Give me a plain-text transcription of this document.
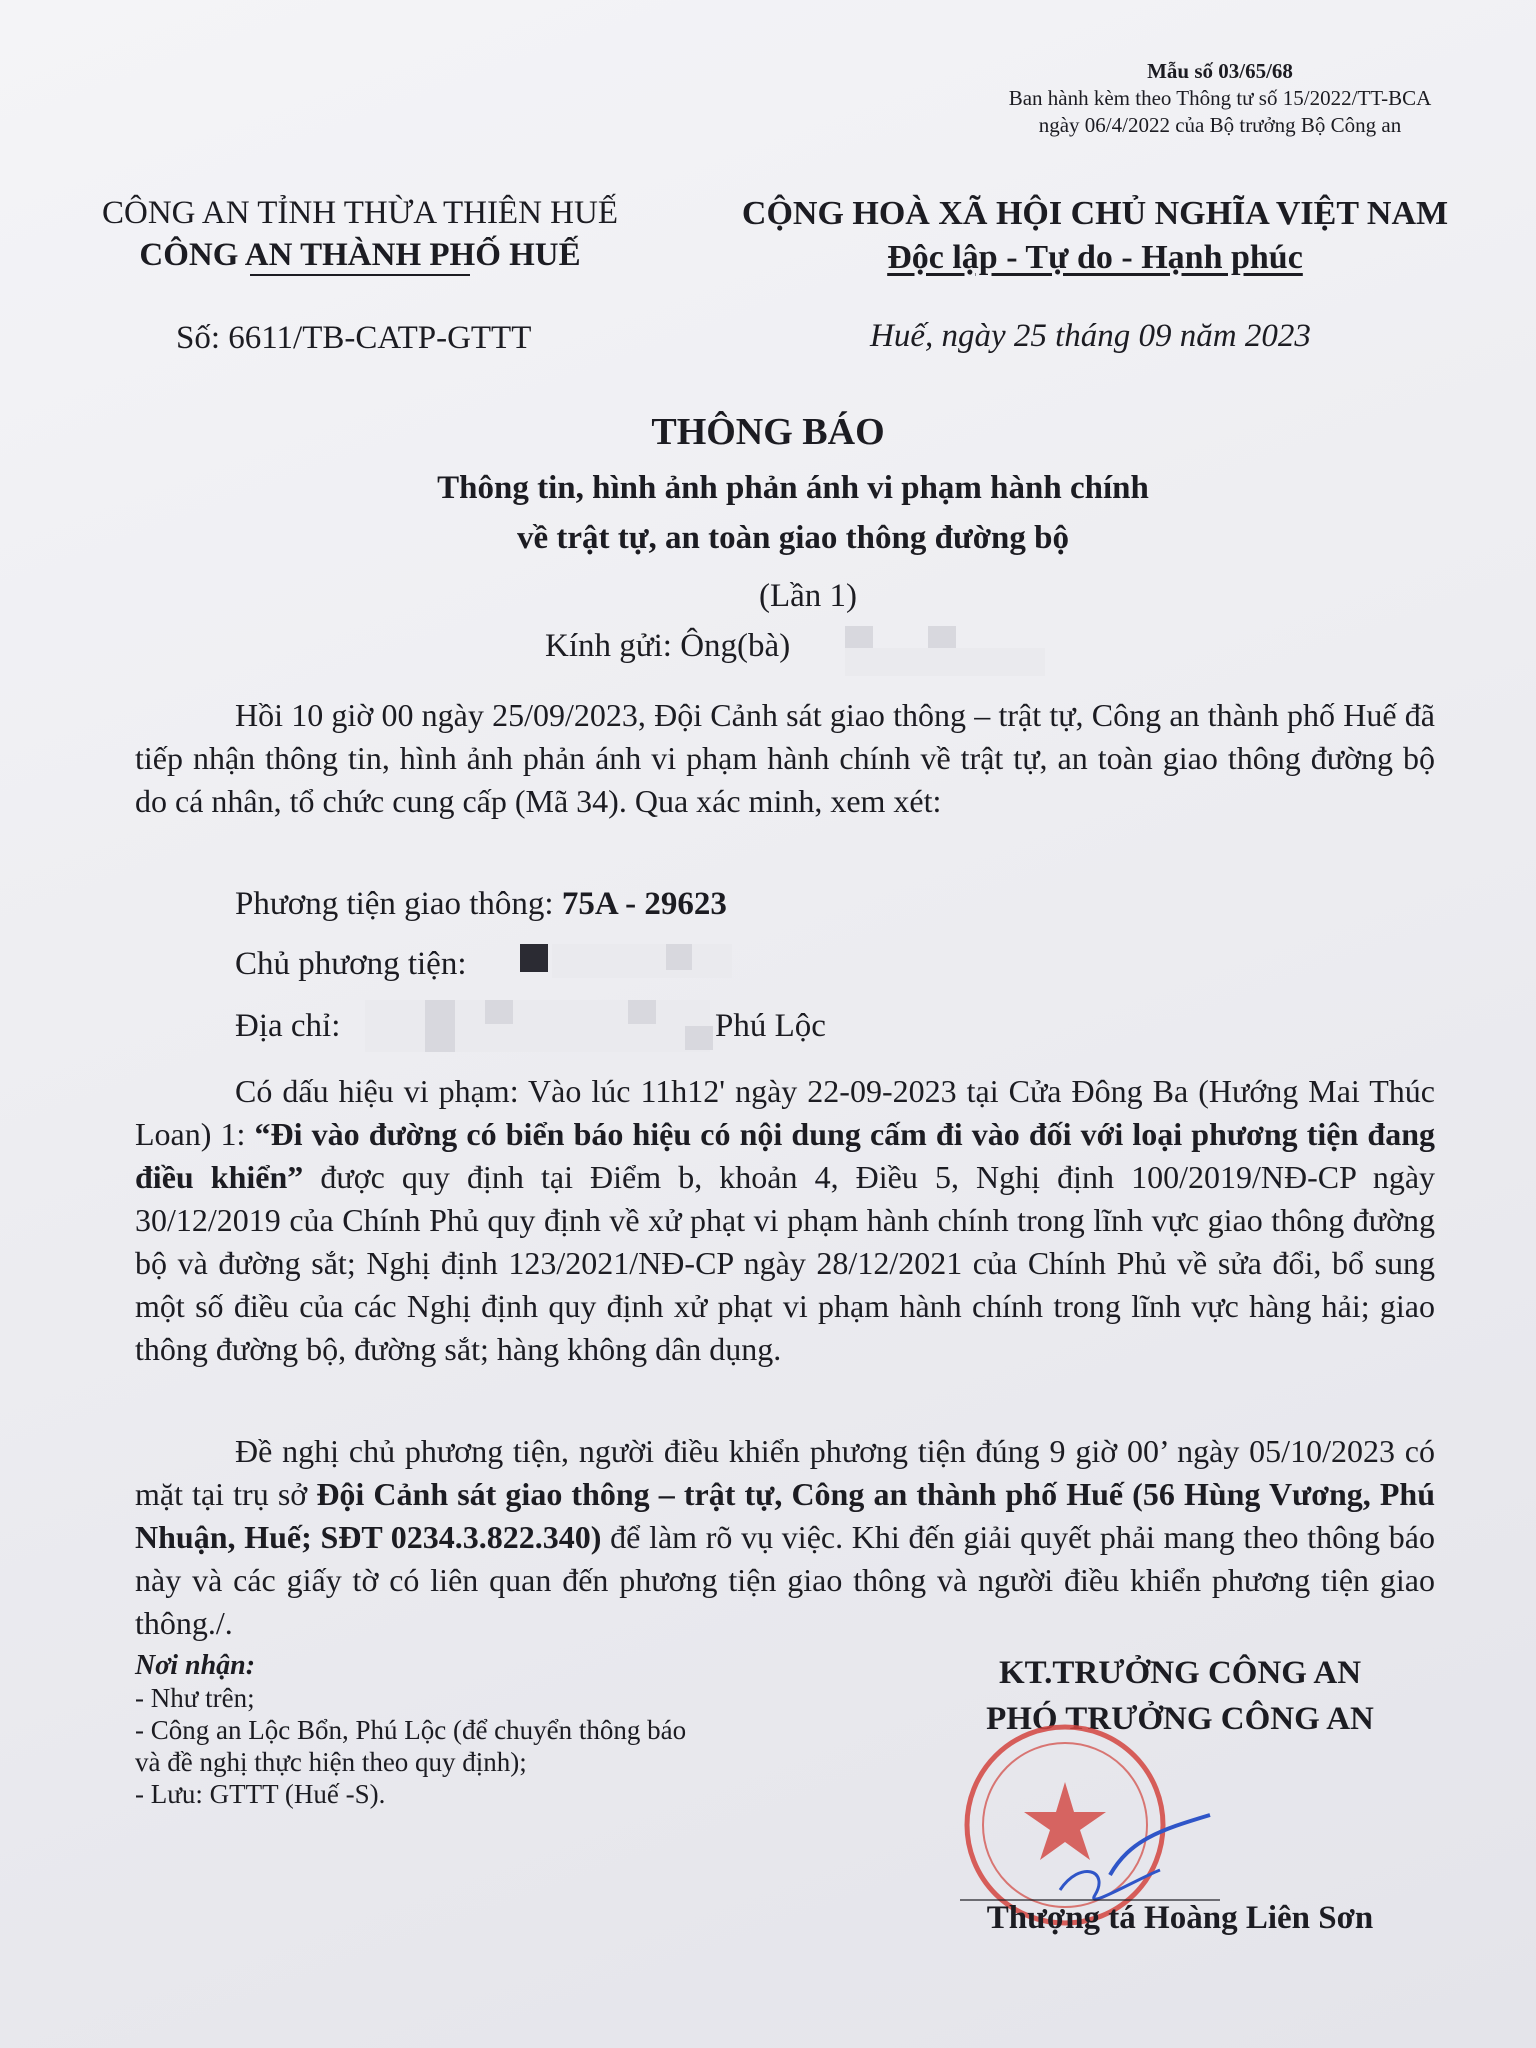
Mẫu số 03/65/68
Ban hành kèm theo Thông tư số 15/2022/TT-BCA
ngày 06/4/2022 của Bộ trưởng Bộ Công an
CÔNG AN TỈNH THỪA THIÊN HUẾ
CÔNG AN THÀNH PHỐ HUẾ
CỘNG HOÀ XÃ HỘI CHỦ NGHĨA VIỆT NAM
Độc lập - Tự do - Hạnh phúc
Số: 6611/TB-CATP-GTTT	Huế, ngày 25 tháng 09 năm 2023
THÔNG BÁO
Thông tin, hình ảnh phản ánh vi phạm hành chính
về trật tự, an toàn giao thông đường bộ
(Lần 1)
Kính gửi: Ông(bà)
Hồi 10 giờ 00 ngày 25/09/2023, Đội Cảnh sát giao thông – trật tự, Công an thành phố Huế đã tiếp nhận thông tin, hình ảnh phản ánh vi phạm hành chính về trật tự, an toàn giao thông đường bộ do cá nhân, tổ chức cung cấp (Mã 34). Qua xác minh, xem xét:
Phương tiện giao thông: 75A - 29623
Chủ phương tiện:
Địa chỉ:	Phú Lộc
Có dấu hiệu vi phạm: Vào lúc 11h12' ngày 22-09-2023 tại Cửa Đông Ba (Hướng Mai Thúc Loan) 1: “Đi vào đường có biển báo hiệu có nội dung cấm đi vào đối với loại phương tiện đang điều khiển” được quy định tại Điểm b, khoản 4, Điều 5, Nghị định 100/2019/NĐ-CP ngày 30/12/2019 của Chính Phủ quy định về xử phạt vi phạm hành chính trong lĩnh vực giao thông đường bộ và đường sắt; Nghị định 123/2021/NĐ-CP ngày 28/12/2021 của Chính Phủ về sửa đổi, bổ sung một số điều của các Nghị định quy định xử phạt vi phạm hành chính trong lĩnh vực hàng hải; giao thông đường bộ, đường sắt; hàng không dân dụng.
Đề nghị chủ phương tiện, người điều khiển phương tiện đúng 9 giờ 00’ ngày 05/10/2023 có mặt tại trụ sở Đội Cảnh sát giao thông – trật tự, Công an thành phố Huế (56 Hùng Vương, Phú Nhuận, Huế; SĐT 0234.3.822.340) để làm rõ vụ việc. Khi đến giải quyết phải mang theo thông báo này và các giấy tờ có liên quan đến phương tiện giao thông và người điều khiển phương tiện giao thông./.
Nơi nhận:
- Như trên;
- Công an Lộc Bổn, Phú Lộc (để chuyển thông báo
và đề nghị thực hiện theo quy định);
- Lưu: GTTT (Huế -S).
KT.TRƯỞNG CÔNG AN
PHÓ TRƯỞNG CÔNG AN
Thượng tá Hoàng Liên Sơn
